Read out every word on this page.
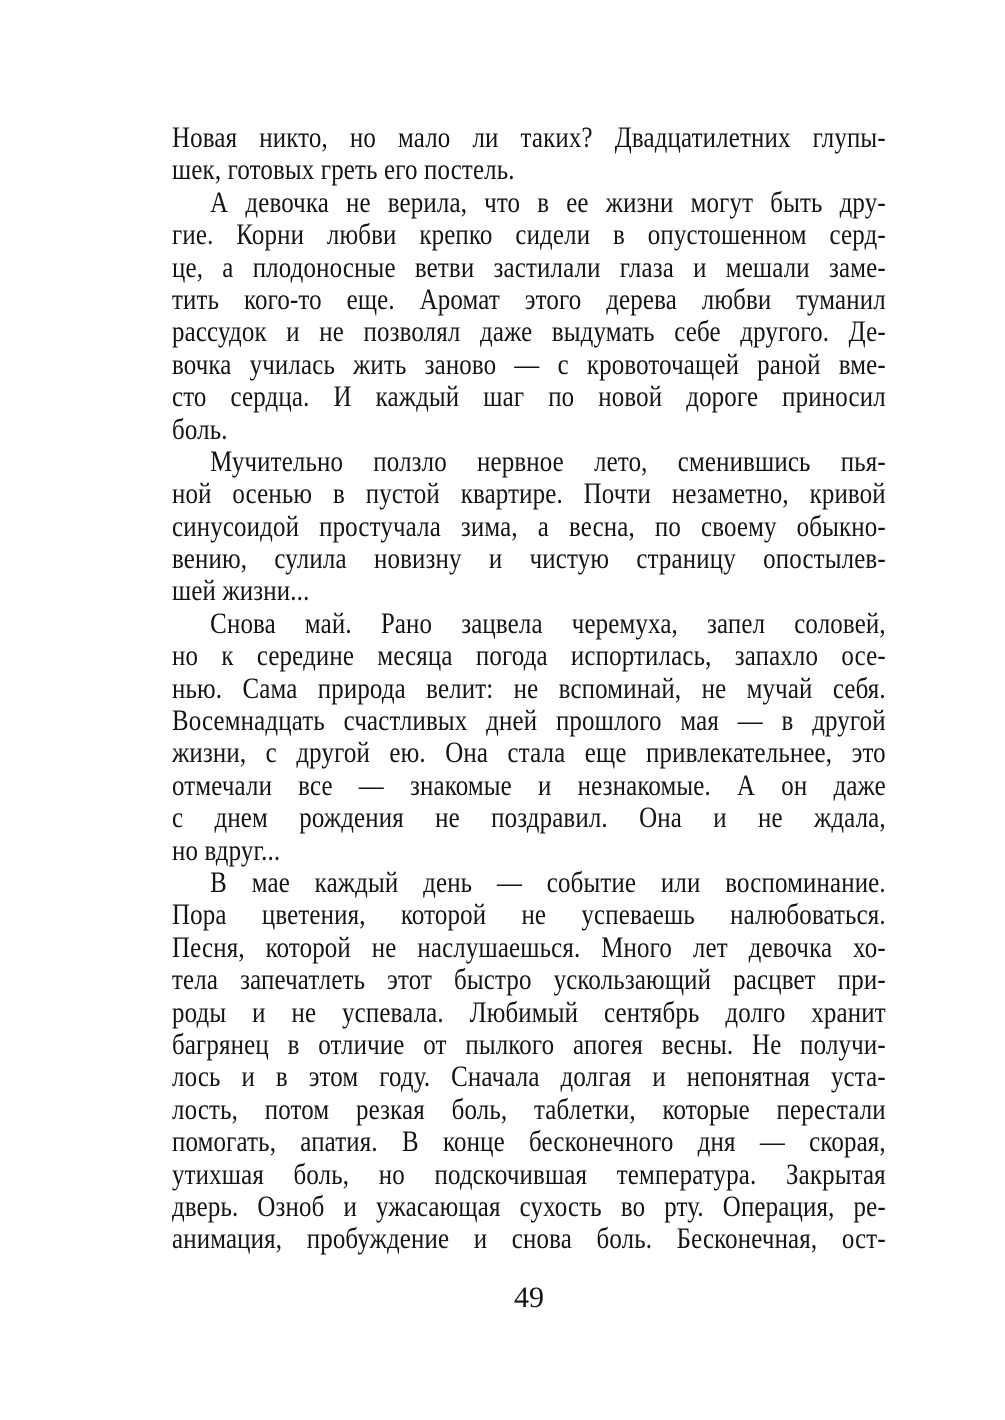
Новая никто, но мало ли таких? Двадцатилетних глупы-
шек, готовых греть его постель.
А девочка не верила, что в ее жизни могут быть дру-
гие. Корни любви крепко сидели в опустошенном серд-
це, а плодоносные ветви застилали глаза и мешали заме-
тить кого-то еще. Аромат этого дерева любви туманил
рассудок и не позволял даже выдумать себе другого. Де-
вочка училась жить заново — с кровоточащей раной вме-
сто сердца. И каждый шаг по новой дороге приносил
боль.
Мучительно ползло нервное лето, сменившись пья-
ной осенью в пустой квартире. Почти незаметно, кривой
синусоидой простучала зима, а весна, по своему обыкно-
вению, сулила новизну и чистую страницу опостылев-
шей жизни...
Снова май. Рано зацвела черемуха, запел соловей,
но к середине месяца погода испортилась, запахло осе-
нью. Сама природа велит: не вспоминай, не мучай себя.
Восемнадцать счастливых дней прошлого мая — в другой
жизни, с другой ею. Она стала еще привлекательнее, это
отмечали все — знакомые и незнакомые. А он даже
с днем рождения не поздравил. Она и не ждала,
но вдруг...
В мае каждый день — событие или воспоминание.
Пора цветения, которой не успеваешь налюбоваться.
Песня, которой не наслушаешься. Много лет девочка хо-
тела запечатлеть этот быстро ускользающий расцвет при-
роды и не успевала. Любимый сентябрь долго хранит
багрянец в отличие от пылкого апогея весны. Не получи-
лось и в этом году. Сначала долгая и непонятная уста-
лость, потом резкая боль, таблетки, которые перестали
помогать, апатия. В конце бесконечного дня — скорая,
утихшая боль, но подскочившая температура. Закрытая
дверь. Озноб и ужасающая сухость во рту. Операция, ре-
анимация, пробуждение и снова боль. Бесконечная, ост-
49
